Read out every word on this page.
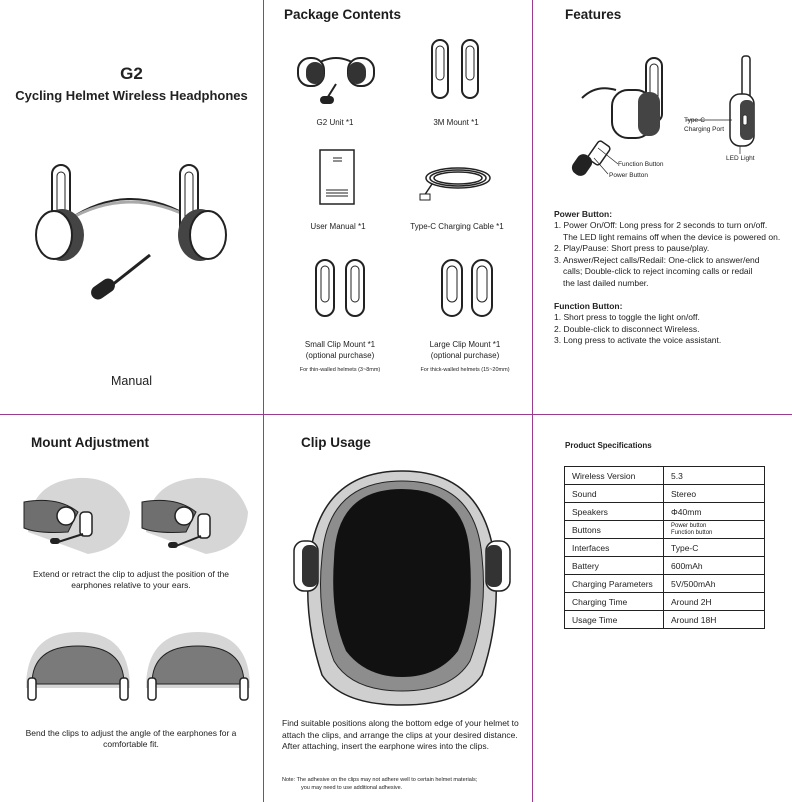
G2
Cycling Helmet Wireless Headphones
Manual
Package Contents
G2 Unit *1	3M Mount *1
User Manual *1	Type-C Charging Cable *1
Small Clip Mount *1
(optional purchase)
For thin-walled helmets (3~8mm)
Large Clip Mount *1
(optional purchase)
For thick-walled helmets (15~20mm)
Features
Type-C
Charging Port
LED Light
Function Button
Power Button
Power Button:
1. Power On/Off: Long press for 2 seconds to turn on/off.
The LED light remains off when the device is powered on.
2. Play/Pause: Short press to pause/play.
3. Answer/Reject calls/Redail: One-click to answer/end
calls; Double-click to reject incoming calls or redail
the last dailed number.
Function Button:
1. Short press to toggle the light on/off.
2. Double-click to disconnect Wireless.
3. Long press to activate the voice assistant.
Mount Adjustment
Extend or retract the clip to adjust the position of the earphones relative to your ears.
Bend the clips to adjust the angle of the earphones for a comfortable fit.
Clip Usage
Find suitable positions along the bottom edge of your helmet to attach the clips, and arrange the clips at your desired distance. After attaching, insert the earphone wires into the clips.
Note: The adhesive on the clips may not adhere well to certain helmet materials;
you may need to use additional adhesive.
Product Specifications
Wireless Version	5.3
Sound	Stereo
Speakers	Φ40mm
Buttons	Power button
Function button

Interfaces	Type-C
Battery	600mAh
Charging Parameters	5V/500mAh
Charging Time	Around 2H
Usage Time	Around 18H
